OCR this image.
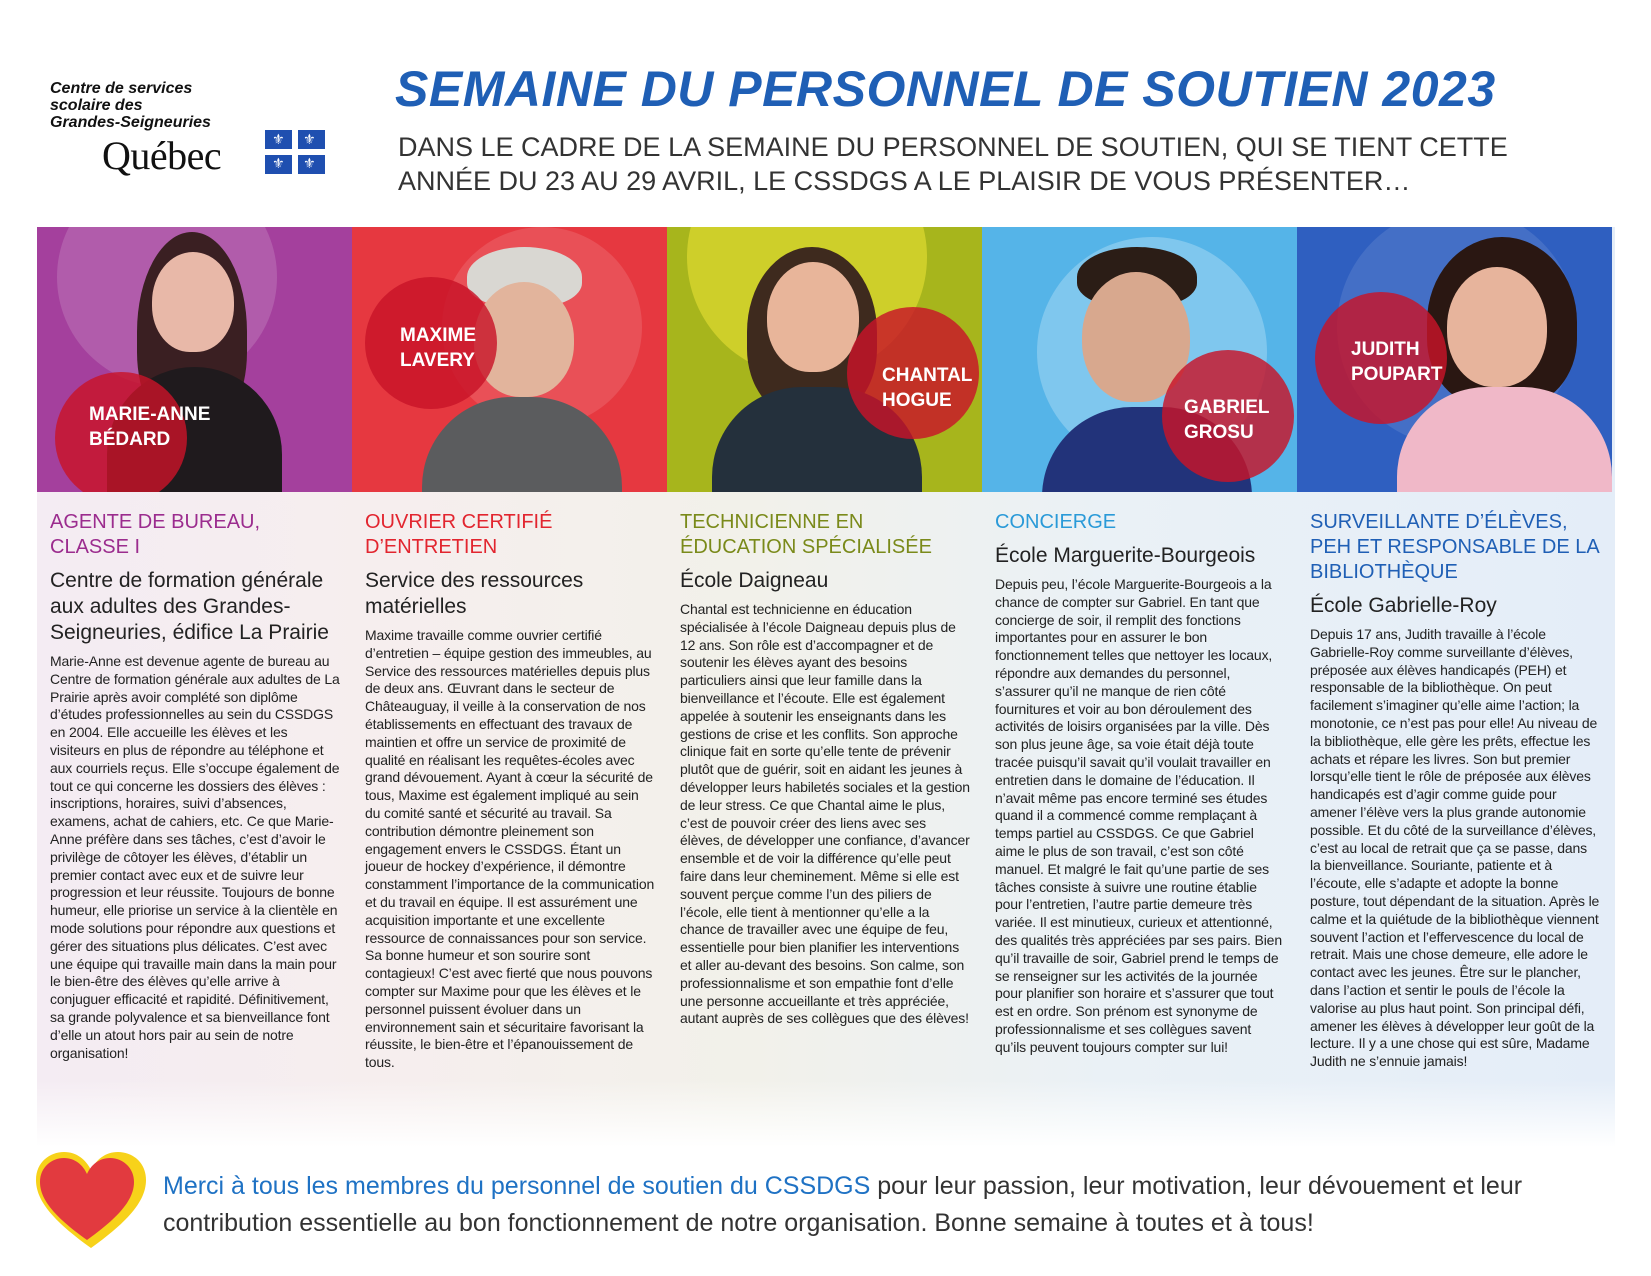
Centre de services
scolaire des
Grandes-Seigneuries
Québec	⚜ ⚜
⚜ ⚜
SEMAINE DU PERSONNEL DE SOUTIEN 2023
DANS LE CADRE DE LA SEMAINE DU PERSONNEL DE SOUTIEN, QUI SE TIENT CETTE ANNÉE DU 23 AU 29 AVRIL, LE CSSDGS A LE PLAISIR DE VOUS PRÉSENTER…
MARIE-ANNE
BÉDARD
MAXIME
LAVERY
CHANTAL
HOGUE	GABRIEL
GROSU
JUDITH
POUPART
AGENTE DE BUREAU, CLASSE I
Centre de formation générale aux adultes des Grandes-Seigneuries, édifice La Prairie
Marie-Anne est devenue agente de bureau au Centre de formation générale aux adultes de La Prairie après avoir complété son diplôme d’études professionnelles au sein du CSSDGS en 2004. Elle accueille les élèves et les visiteurs en plus de répondre au téléphone et aux courriels reçus. Elle s’occupe également de tout ce qui concerne les dossiers des élèves : inscriptions, horaires, suivi d’absences, examens, achat de cahiers, etc. Ce que Marie-Anne préfère dans ses tâches, c’est d’avoir le privilège de côtoyer les élèves, d’établir un premier contact avec eux et de suivre leur progression et leur réussite. Toujours de bonne humeur, elle priorise un service à la clientèle en mode solutions pour répondre aux questions et gérer des situations plus délicates. C’est avec une équipe qui travaille main dans la main pour le bien-être des élèves qu’elle arrive à conjuguer efficacité et rapidité. Définitivement, sa grande polyvalence et sa bienveillance font d’elle un atout hors pair au sein de notre organisation!
OUVRIER CERTIFIÉ D’ENTRETIEN
Service des ressources matérielles
Maxime travaille comme ouvrier certifié d’entretien – équipe gestion des immeubles, au Service des ressources matérielles depuis plus de deux ans. Œuvrant dans le secteur de Châteauguay, il veille à la conservation de nos établissements en effectuant des travaux de maintien et offre un service de proximité de qualité en réalisant les requêtes-écoles avec grand dévouement. Ayant à cœur la sécurité de tous, Maxime est également impliqué au sein du comité santé et sécurité au travail. Sa contribution démontre pleinement son engagement envers le CSSDGS. Étant un joueur de hockey d’expérience, il démontre constamment l’importance de la communication et du travail en équipe. Il est assurément une acquisition importante et une excellente ressource de connaissances pour son service. Sa bonne humeur et son sourire sont contagieux! C’est avec fierté que nous pouvons compter sur Maxime pour que les élèves et le personnel puissent évoluer dans un environnement sain et sécuritaire favorisant la réussite, le bien-être et l’épanouissement de tous.
TECHNICIENNE EN ÉDUCATION SPÉCIALISÉE
École Daigneau
Chantal est technicienne en éducation spécialisée à l’école Daigneau depuis plus de 12 ans. Son rôle est d’accompagner et de soutenir les élèves ayant des besoins particuliers ainsi que leur famille dans la bienveillance et l’écoute. Elle est également appelée à soutenir les enseignants dans les gestions de crise et les conflits. Son approche clinique fait en sorte qu’elle tente de prévenir plutôt que de guérir, soit en aidant les jeunes à développer leurs habiletés sociales et la gestion de leur stress. Ce que Chantal aime le plus, c’est de pouvoir créer des liens avec ses élèves, de développer une confiance, d’avancer ensemble et de voir la différence qu’elle peut faire dans leur cheminement. Même si elle est souvent perçue comme l’un des piliers de l’école, elle tient à mentionner qu’elle a la chance de travailler avec une équipe de feu, essentielle pour bien planifier les interventions et aller au-devant des besoins. Son calme, son professionnalisme et son empathie font d’elle une personne accueillante et très appréciée, autant auprès de ses collègues que des élèves!
CONCIERGE
École Marguerite-Bourgeois
Depuis peu, l’école Marguerite-Bourgeois a la chance de compter sur Gabriel. En tant que concierge de soir, il remplit des fonctions importantes pour en assurer le bon fonctionnement telles que nettoyer les locaux, répondre aux demandes du personnel, s’assurer qu’il ne manque de rien côté fournitures et voir au bon déroulement des activités de loisirs organisées par la ville. Dès son plus jeune âge, sa voie était déjà toute tracée puisqu’il savait qu’il voulait travailler en entretien dans le domaine de l’éducation. Il n’avait même pas encore terminé ses études quand il a commencé comme remplaçant à temps partiel au CSSDGS. Ce que Gabriel aime le plus de son travail, c’est son côté manuel. Et malgré le fait qu’une partie de ses tâches consiste à suivre une routine établie pour l’entretien, l’autre partie demeure très variée. Il est minutieux, curieux et attentionné, des qualités très appréciées par ses pairs. Bien qu’il travaille de soir, Gabriel prend le temps de se renseigner sur les activités de la journée pour planifier son horaire et s’assurer que tout est en ordre. Son prénom est synonyme de professionnalisme et ses collègues savent qu’ils peuvent toujours compter sur lui!
SURVEILLANTE D’ÉLÈVES, PEH ET RESPONSABLE DE LA BIBLIOTHÈQUE
École Gabrielle-Roy
Depuis 17 ans, Judith travaille à l’école Gabrielle-Roy comme surveillante d’élèves, préposée aux élèves handicapés (PEH) et responsable de la bibliothèque. On peut facilement s’imaginer qu’elle aime l’action; la monotonie, ce n’est pas pour elle! Au niveau de la bibliothèque, elle gère les prêts, effectue les achats et répare les livres. Son but premier lorsqu’elle tient le rôle de préposée aux élèves handicapés est d’agir comme guide pour amener l’élève vers la plus grande autonomie possible. Et du côté de la surveillance d’élèves, c’est au local de retrait que ça se passe, dans la bienveillance. Souriante, patiente et à l’écoute, elle s’adapte et adopte la bonne posture, tout dépendant de la situation. Après le calme et la quiétude de la bibliothèque viennent souvent l’action et l’effervescence du local de retrait. Mais une chose demeure, elle adore le contact avec les jeunes. Être sur le plancher, dans l’action et sentir le pouls de l’école la valorise au plus haut point. Son principal défi, amener les élèves à développer leur goût de la lecture. Il y a une chose qui est sûre, Madame Judith ne s’ennuie jamais!
Merci à tous les membres du personnel de soutien du CSSDGS pour leur passion, leur motivation, leur dévouement et leur contribution essentielle au bon fonctionnement de notre organisation. Bonne semaine à toutes et à tous!
